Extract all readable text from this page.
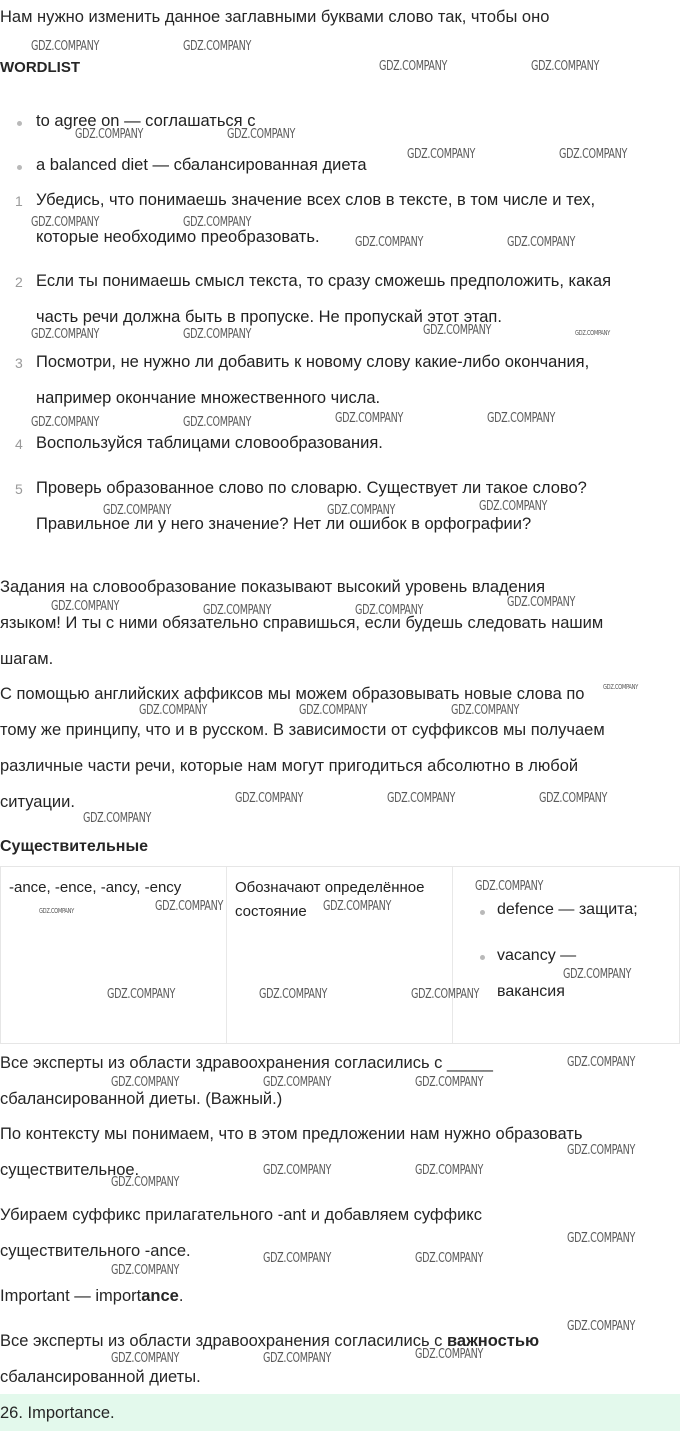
Нам нужно изменить данное заглавными буквами слово так, чтобы оно
WORDLIST
to agree on — соглашаться с
a balanced diet — сбалансированная диета
1 Убедись, что понимаешь значение всех слов в тексте, в том числе и тех,
которые необходимо преобразовать.
2 Если ты понимаешь смысл текста, то сразу сможешь предположить, какая
часть речи должна быть в пропуске. Не пропускай этот этап.
3 Посмотри, не нужно ли добавить к новому слову какие-либо окончания,
например окончание множественного числа.
4 Воспользуйся таблицами словообразования.
5 Проверь образованное слово по словарю. Существует ли такое слово?
Правильное ли у него значение? Нет ли ошибок в орфографии?
Задания на словообразование показывают высокий уровень владения
языком! И ты с ними обязательно справишься, если будешь следовать нашим
шагам.
С помощью английских аффиксов мы можем образовывать новые слова по
тому же принципу, что и в русском. В зависимости от суффиксов мы получаем
различные части речи, которые нам могут пригодиться абсолютно в любой
ситуации.
Существительные
-ance, -ence, -ancy, -ency	Обозначают определённое
состояние	defence — защита;
vacancy —
вакансия
Все эксперты из области здравоохранения согласились с _____
сбалансированной диеты. (Важный.)
По контексту мы понимаем, что в этом предложении нам нужно образовать
существительное.
Убираем суффикс прилагательного -ant и добавляем суффикс
существительного -ance.
Important — importance.
Все эксперты из области здравоохранения согласились с важностью
сбалансированной диеты.
26. Importance.
GDZ.COMPANY	GDZ.COMPANY
GDZ.COMPANY	GDZ.COMPANY
GDZ.COMPANY	GDZ.COMPANY
GDZ.COMPANY	GDZ.COMPANY
GDZ.COMPANY	GDZ.COMPANY
GDZ.COMPANY	GDZ.COMPANY
GDZ.COMPANY	GDZ.COMPANY	GDZ.COMPANY	GDZ.COMPANY
GDZ.COMPANY	GDZ.COMPANY	GDZ.COMPANY	GDZ.COMPANY
GDZ.COMPANY	GDZ.COMPANY	GDZ.COMPANY
GDZ.COMPANY	GDZ.COMPANY	GDZ.COMPANY
GDZ.COMPANY
GDZ.COMPANY
GDZ.COMPANY	GDZ.COMPANY	GDZ.COMPANY
GDZ.COMPANY	GDZ.COMPANY	GDZ.COMPANY
GDZ.COMPANY
GDZ.COMPANY
GDZ.COMPANY	GDZ.COMPANY	GDZ.COMPANY
GDZ.COMPANY
GDZ.COMPANY	GDZ.COMPANY	GDZ.COMPANY
GDZ.COMPANY
GDZ.COMPANY	GDZ.COMPANY	GDZ.COMPANY
GDZ.COMPANY
GDZ.COMPANY	GDZ.COMPANY
GDZ.COMPANY
GDZ.COMPANY
GDZ.COMPANY	GDZ.COMPANY
GDZ.COMPANY
GDZ.COMPANY
GDZ.COMPANY
GDZ.COMPANY	GDZ.COMPANY
